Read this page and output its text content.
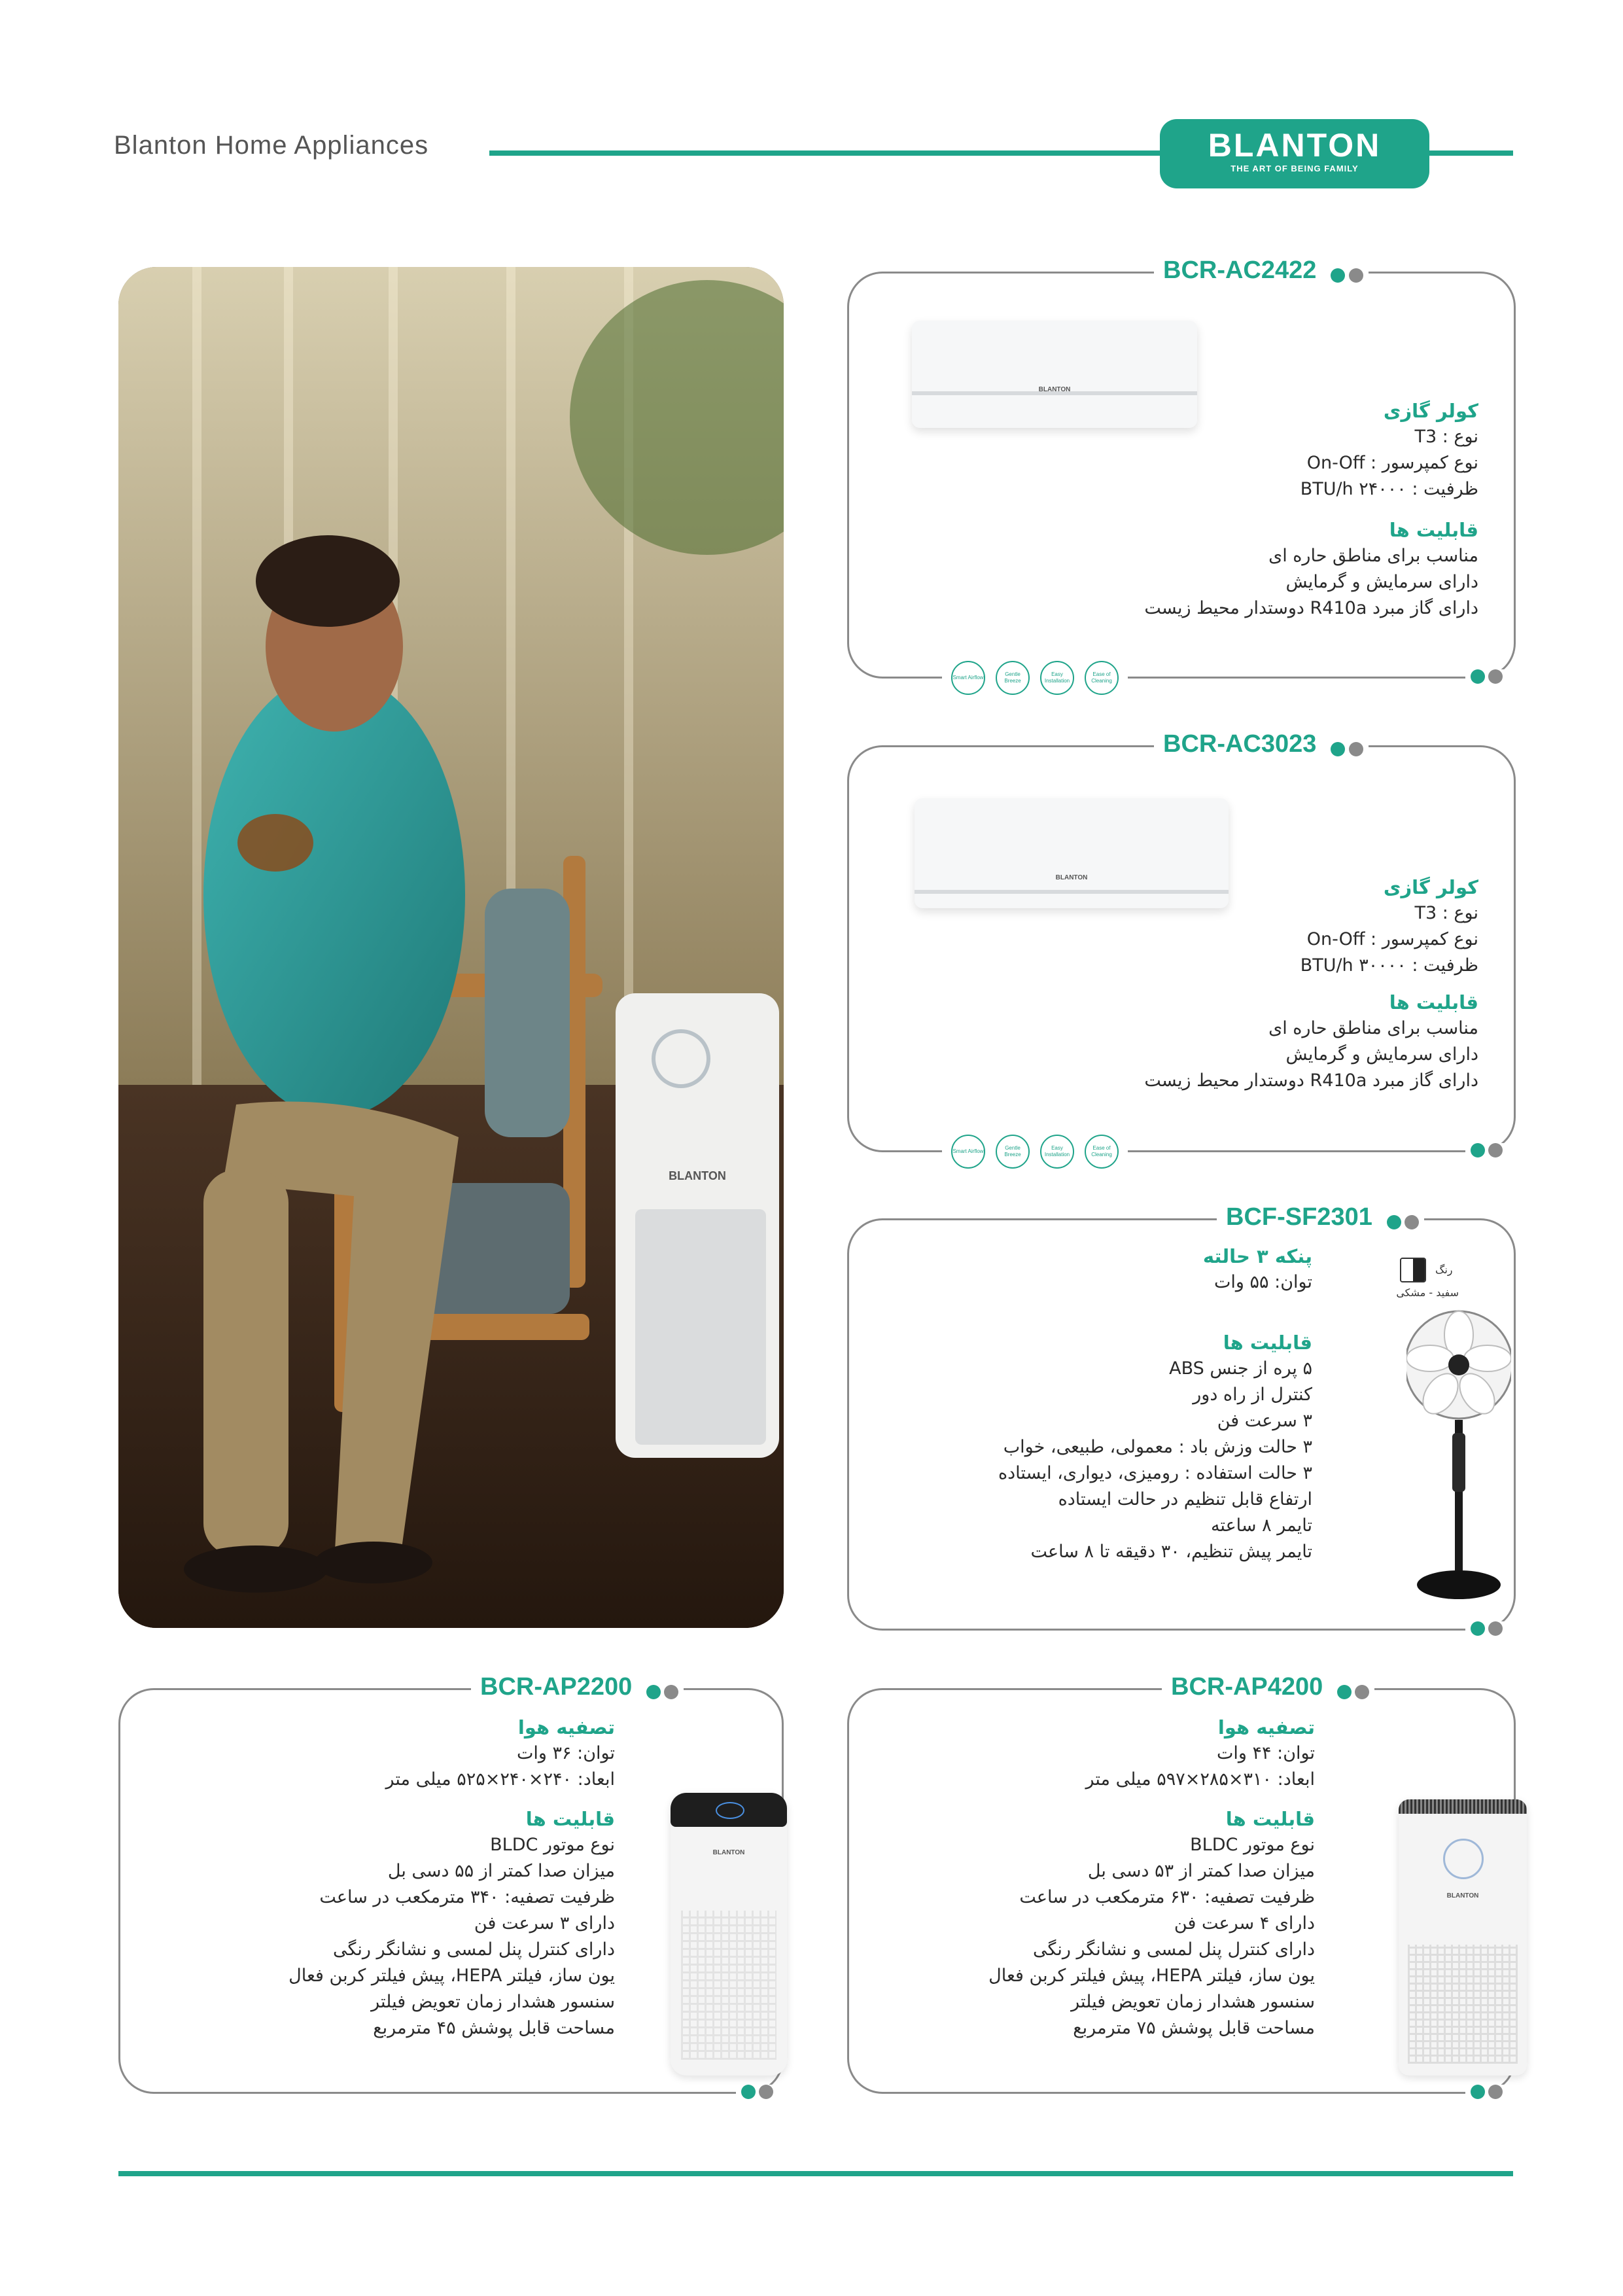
Blanton Home Appliances	BLANTON
THE ART OF BEING FAMILY
BLANTON
BCR-AC2422
BLANTON
کولر گازی
نوع : T3
نوع کمپرسور : On-Off
ظرفیت : BTU/h ۲۴۰۰۰
قابلیت ها
مناسب برای مناطق حاره ای
دارای سرمایش و گرمایش
دارای گاز مبرد R410a دوستدار محیط زیست
Smart Airflow
Gentle Breeze
Easy Installation
Ease of Cleaning

BCR-AC3023
BLANTON	کولر گازی
نوع : T3
نوع کمپرسور : On-Off
ظرفیت : BTU/h ۳۰۰۰۰
قابلیت ها
مناسب برای مناطق حاره ای
دارای سرمایش و گرمایش
دارای گاز مبرد R410a دوستدار محیط زیست
Smart Airflow
Gentle Breeze
Easy Installation
Ease of Cleaning

BCF-SF2301
پنکه ۳ حالته
توان: ۵۵ وات
قابلیت ها
۵ پره از جنس ABS
کنترل از راه دور
۳ سرعت فن
۳ حالت وزش باد : معمولی، طبیعی، خواب
۳ حالت استفاده : رومیزی، دیواری، ایستاده
ارتفاع قابل تنظیم در حالت ایستاده
تایمر ۸ ساعته
تایمر پیش تنظیم، ۳۰ دقیقه تا ۸ ساعت
رنگ
سفید - مشکی

BCR-AP2200
تصفیه هوا
توان: ۳۶ وات
ابعاد: ۲۴۰×۲۴۰×۵۲۵ میلی متر
قابلیت ها
نوع موتور BLDC
میزان صدا کمتر از ۵۵ دسی بل
ظرفیت تصفیه: ۳۴۰ مترمکعب در ساعت
دارای ۳ سرعت فن
دارای کنترل پنل لمسی و نشانگر رنگی
یون ساز، فیلتر HEPA، پیش فیلتر کربن فعال
سنسور هشدار زمان تعویض فیلتر
مساحت قابل پوشش ۴۵ مترمربع
BLANTON

BCR-AP4200
تصفیه هوا
توان: ۴۴ وات
ابعاد: ۳۱۰×۲۸۵×۵۹۷ میلی متر
قابلیت ها
نوع موتور BLDC
میزان صدا کمتر از ۵۳ دسی بل
ظرفیت تصفیه: ۶۳۰ مترمکعب در ساعت
دارای ۴ سرعت فن
دارای کنترل پنل لمسی و نشانگر رنگی
یون ساز، فیلتر HEPA، پیش فیلتر کربن فعال
سنسور هشدار زمان تعویض فیلتر
مساحت قابل پوشش ۷۵ مترمربع
BLANTON
